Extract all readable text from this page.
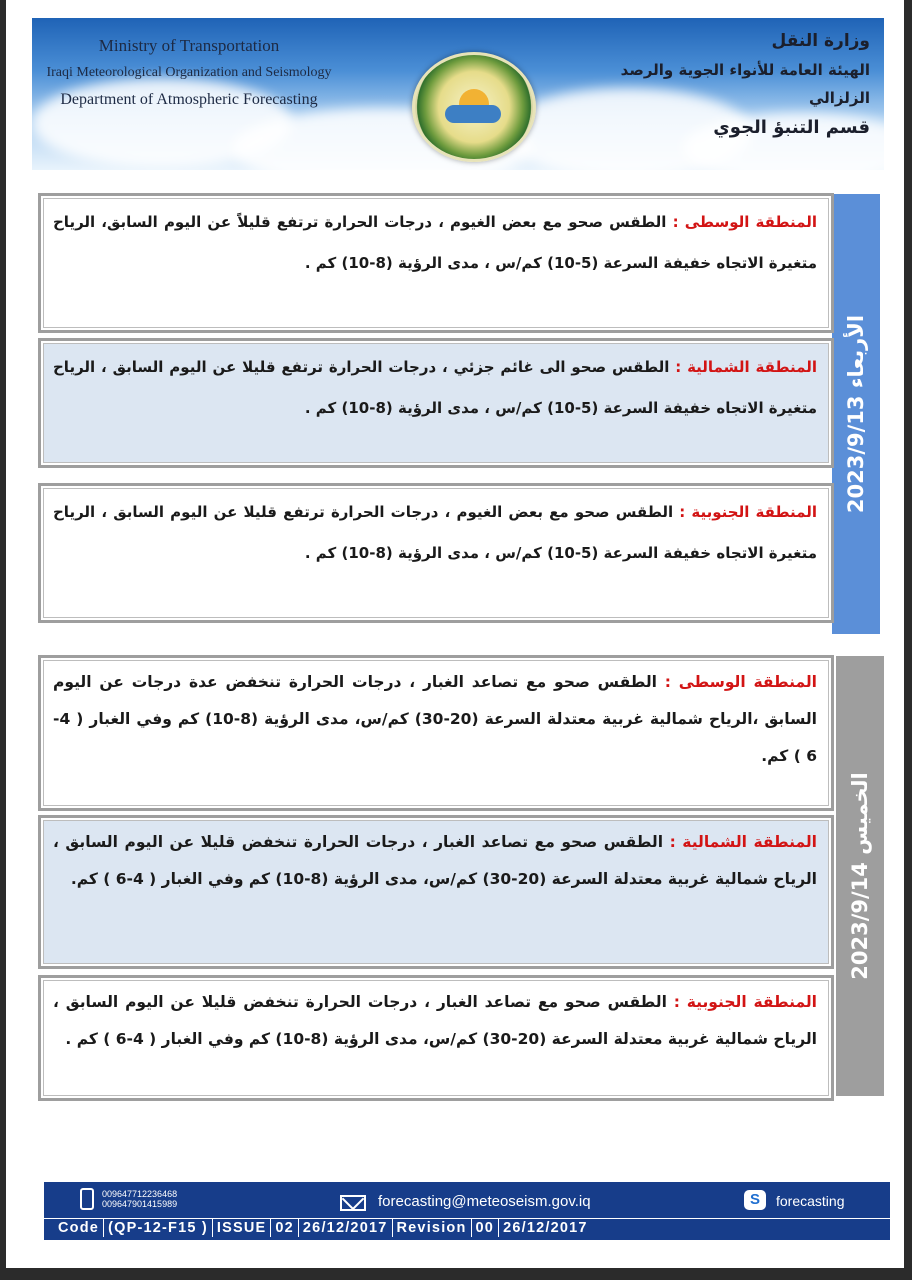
Ministry of Transportation
Iraqi Meteorological Organization and Seismology
Department of Atmospheric Forecasting
وزارة النقل
الهيئة العامة للأنواء الجوية والرصد الزلزالي
قسم التنبؤ الجوي
الأربعاء 2023/9/13
المنطقة الوسطى : الطقس صحو مع بعض الغيوم ، درجات الحرارة ترتفع قليلاً عن اليوم السابق، الرياح متغيرة الاتجاه خفيفة السرعة (5-10) كم/س ، مدى الرؤية (8-10) كم .
المنطقة الشمالية : الطقس صحو الى غائم جزئي ، درجات الحرارة ترتفع قليلا عن اليوم السابق ، الرياح متغيرة الاتجاه خفيفة السرعة (5-10) كم/س ، مدى الرؤية (8-10) كم .
المنطقة الجنوبية : الطقس صحو مع بعض الغيوم ، درجات الحرارة ترتفع قليلا عن اليوم السابق ، الرياح متغيرة الاتجاه خفيفة السرعة (5-10) كم/س ، مدى الرؤية (8-10) كم .
الخميس 2023/9/14
المنطقة الوسطى : الطقس صحو مع تصاعد الغبار ، درجات الحرارة تنخفض عدة درجات عن اليوم السابق ،الرياح شمالية غربية معتدلة السرعة (20-30) كم/س، مدى الرؤية (8-10) كم وفي الغبار ( 4-6 ) كم.
المنطقة الشمالية : الطقس صحو مع تصاعد الغبار ، درجات الحرارة تنخفض قليلا عن اليوم السابق ، الرياح شمالية غربية معتدلة السرعة (20-30) كم/س، مدى الرؤية (8-10) كم وفي الغبار ( 4-6 ) كم.
المنطقة الجنوبية : الطقس صحو مع تصاعد الغبار ، درجات الحرارة تنخفض قليلا عن اليوم السابق ، الرياح شمالية غربية معتدلة السرعة (20-30) كم/س، مدى الرؤية (8-10) كم وفي الغبار ( 4-6 ) كم .
009647712236468
009647901415989	forecasting@meteoseism.gov.iq	S	forecasting
Code (QP-12-F15 ) ISSUE 02 26/12/2017 Revision 00 26/12/2017
